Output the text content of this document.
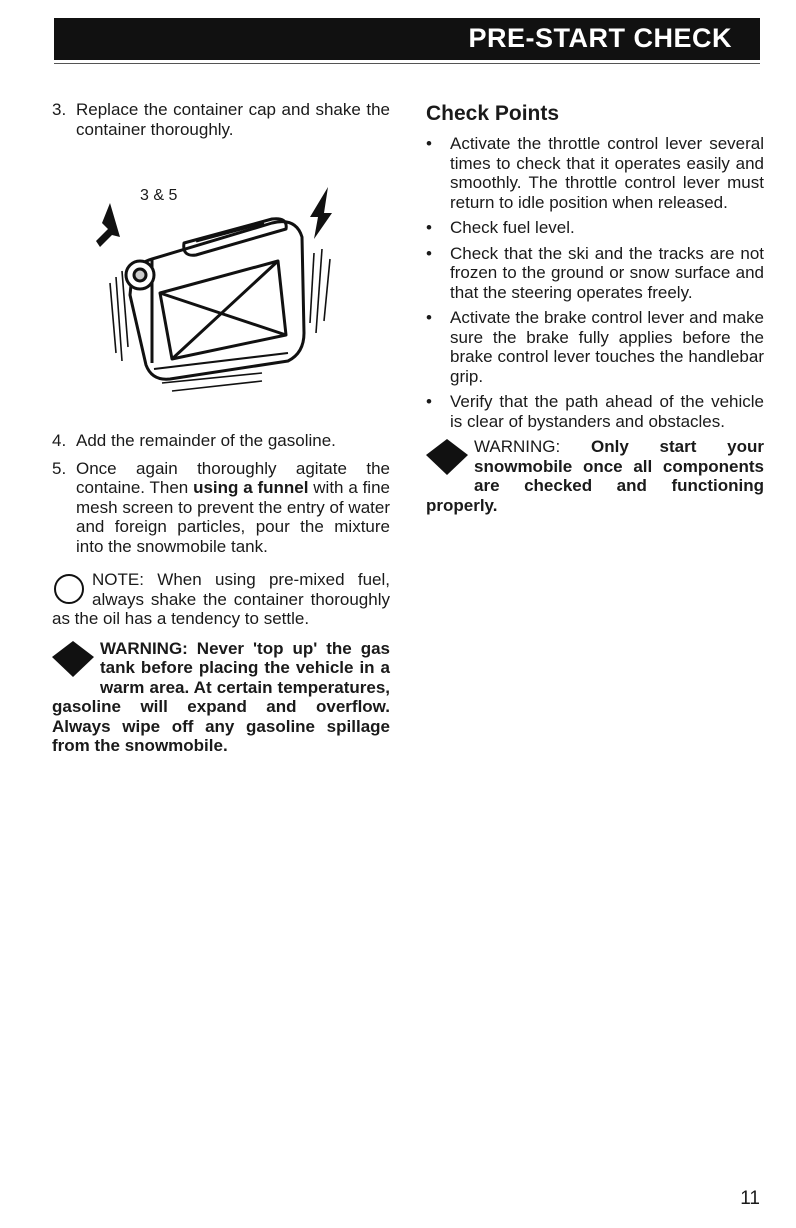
PRE-START CHECK
3. Replace the container cap and shake the container thoroughly.
3 & 5
4. Add the remainder of the gasoline.
5. Once again thoroughly agitate the containe. Then using a funnel with a fine mesh screen to prevent the entry of water and foreign particles, pour the mixture into the snowmobile tank.
NOTE: When using pre-mixed fuel, always shake the container thoroughly as the oil has a tendency to settle.
WARNING: Never 'top up' the gas tank before placing the vehicle in a warm area. At certain temperatures, gasoline will expand and overflow. Always wipe off any gasoline spillage from the snowmobile.
Check Points
•	Activate the throttle control lever several times to check that it operates easily and smoothly. The throttle control lever must return to idle position when released.
•	Check fuel level.
•	Check that the ski and the tracks are not frozen to the ground or snow surface and that the steering operates freely.
•	Activate the brake control lever and make sure the brake fully applies before the brake control lever touches the handlebar grip.
•	Verify that the path ahead of the vehicle is clear of bystanders and obstacles.
WARNING: Only start your snowmobile once all components are checked and functioning properly.
11
